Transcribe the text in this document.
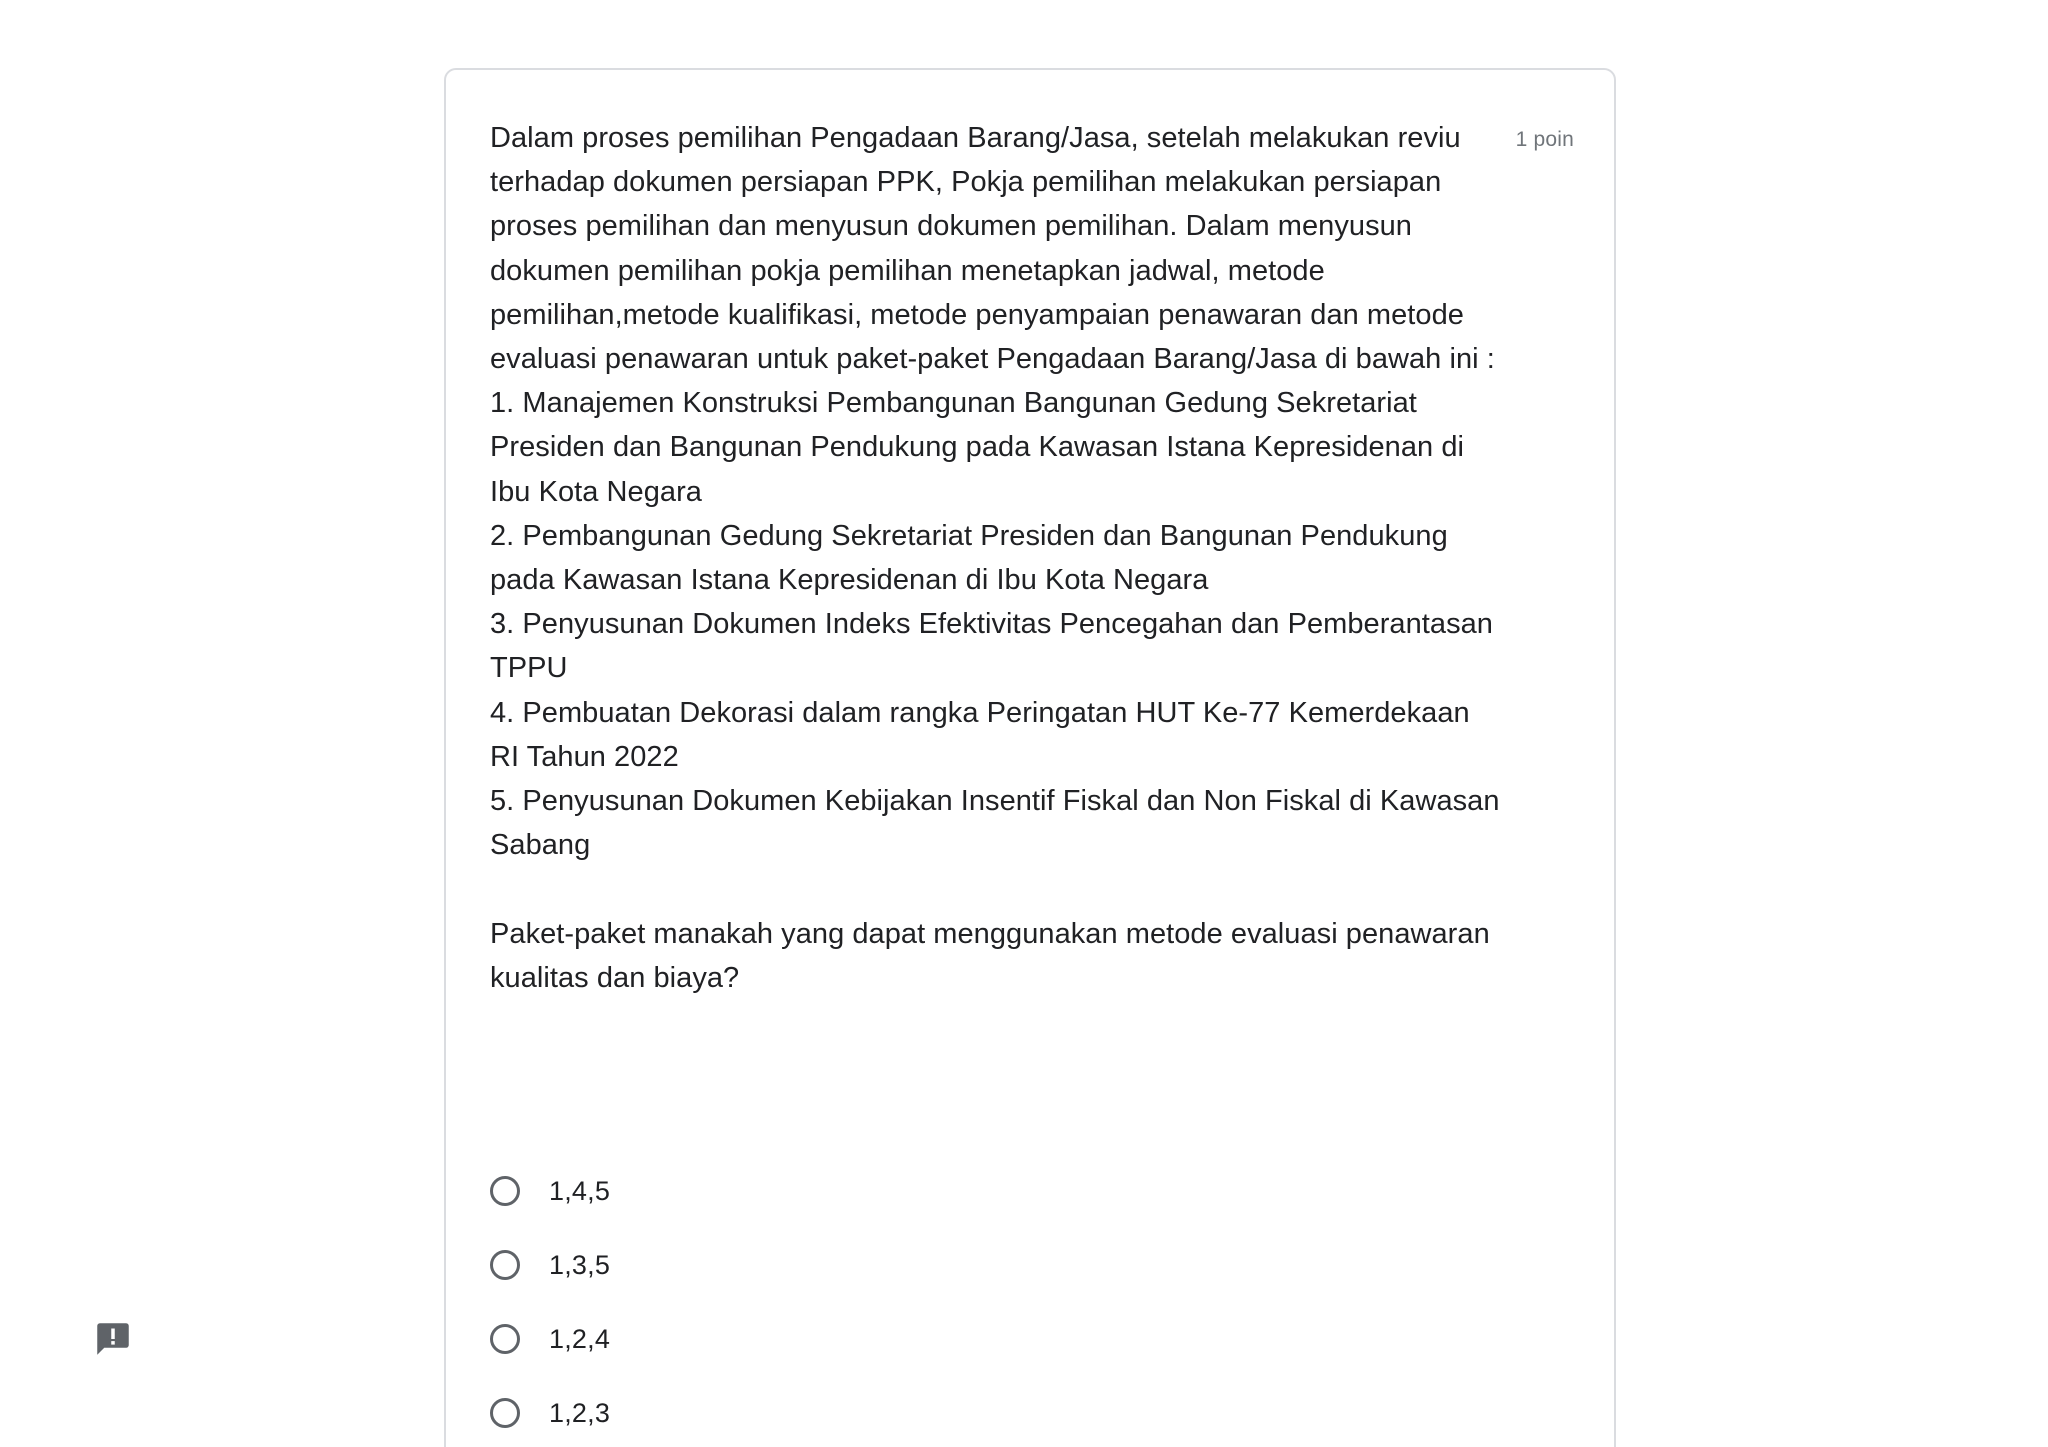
Dalam proses pemilihan Pengadaan Barang/Jasa, setelah melakukan reviu terhadap dokumen persiapan PPK, Pokja pemilihan melakukan persiapan proses pemilihan dan menyusun dokumen pemilihan. Dalam menyusun dokumen pemilihan pokja pemilihan menetapkan jadwal, metode pemilihan,metode kualifikasi, metode penyampaian penawaran dan metode evaluasi penawaran untuk paket-paket Pengadaan Barang/Jasa di bawah ini :

1. Manajemen Konstruksi Pembangunan Bangunan Gedung Sekretariat Presiden dan Bangunan Pendukung pada Kawasan Istana Kepresidenan di Ibu Kota Negara

2. Pembangunan Gedung Sekretariat Presiden dan Bangunan Pendukung pada Kawasan Istana Kepresidenan di Ibu Kota Negara

3. Penyusunan Dokumen Indeks Efektivitas Pencegahan dan Pemberantasan TPPU

4. Pembuatan Dekorasi dalam rangka Peringatan HUT Ke-77 Kemerdekaan RI Tahun 2022

5. Penyusunan Dokumen Kebijakan Insentif Fiskal dan Non Fiskal di Kawasan Sabang

Paket-paket manakah yang dapat menggunakan metode evaluasi penawaran kualitas dan biaya?

1 poin
1,4,5
1,3,5
1,2,4
1,2,3
